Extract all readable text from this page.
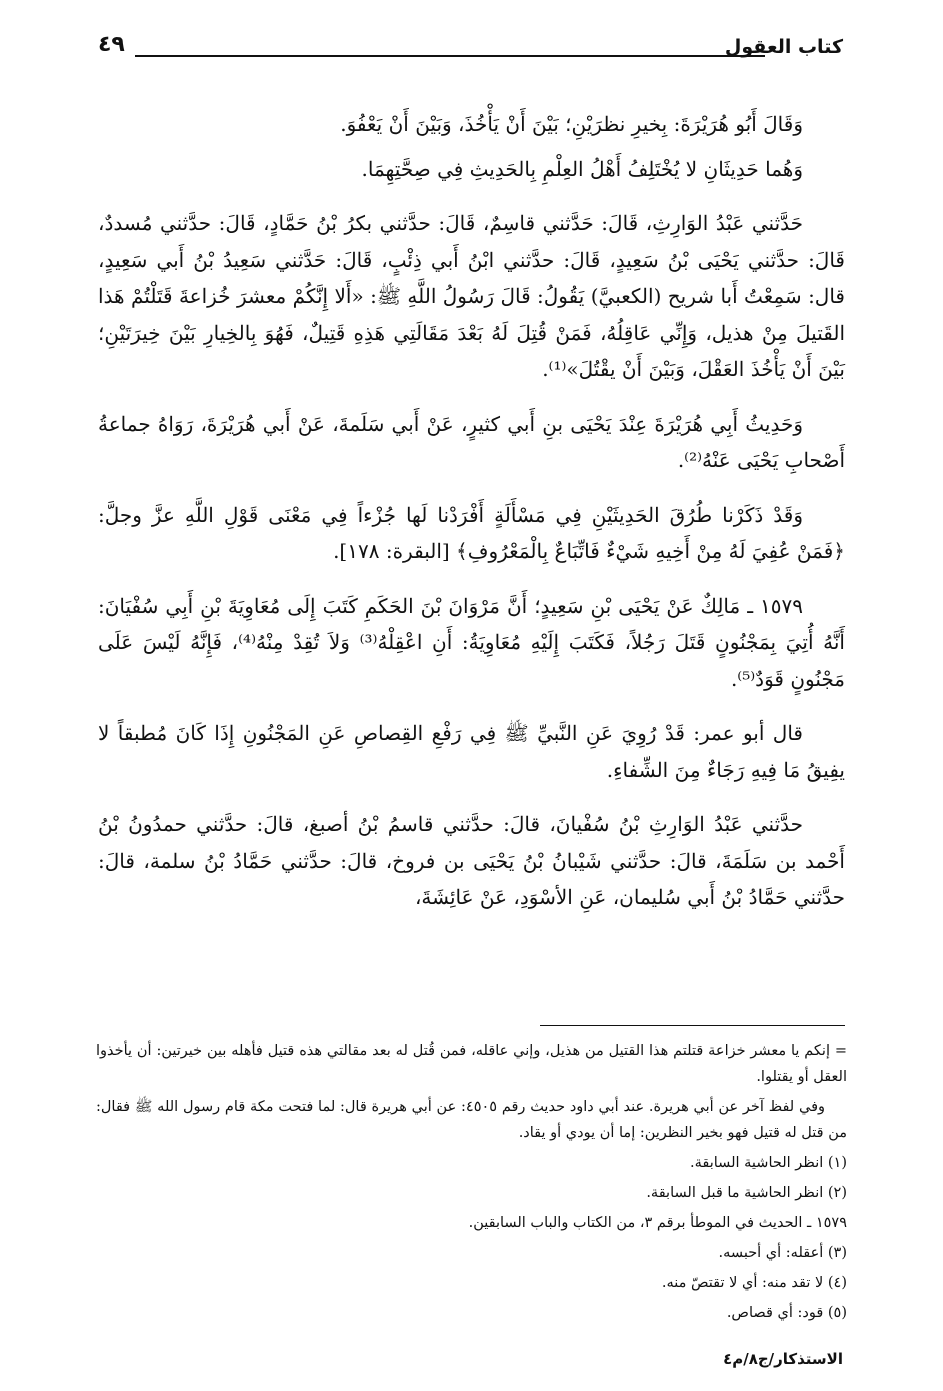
كتاب العقول
٤٩

وَقَالَ أَبُو هُرَيْرَةَ: بِخيرِ نظرَيْنِ؛ بَيْنَ أَنْ يَأْخُذَ، وَبَيْنَ أَنْ يَعْفُوَ.

وَهُما حَدِيثَانِ لا يُخْتَلِفُ أَهْلُ العِلْمِ بِالحَدِيثِ فِي صِحَّتِهِمَا.

حَدَّثني عَبْدُ الوَارِثِ، قَالَ: حَدَّثني قاسِمٌ، قَالَ: حدَّثني بكرُ بْنُ حَمَّادٍ، قَالَ: حدَّثني مُسددٌ، قَالَ: حدَّثني يَحْيَى بْنُ سَعِيدٍ، قَالَ: حدَّثني ابْنُ أَبي ذِئْبٍ، قَالَ: حَدَّثني سَعِيدُ بْنُ أَبي سَعِيدٍ، قال: سَمِعْتُ أَبا شريح (الكعبيَّ) يَقُولُ: قَالَ رَسُولُ اللَّهِ ﷺ: «أَلا إِنَّكُمْ معشرَ خُزاعةَ قَتَلْتُمْ هَذا القَتيلَ مِنْ هذيل، وَإِنِّي عَاقِلُهُ، فَمَنْ قُتِلَ لَهُ بَعْدَ مَقَالَتِي هَذِهِ قَتِيلٌ، فَهُوَ بِالخِيارِ بَيْنَ خِيرَتَيْنِ؛ بَيْنَ أَنْ يَأْخُذَ العَقْلَ، وَبَيْنَ أَنْ يقْتُلَ»⁽¹⁾.

وَحَدِيثُ أَبِي هُرَيْرَةَ عِنْدَ يَحْيَى بنِ أَبي كثيرٍ، عَنْ أَبي سَلَمةَ، عَنْ أَبي هُرَيْرَةَ، رَوَاهُ جماعةُ أَصْحابِ يَحْيَى عَنْهُ⁽²⁾.

وَقَدْ ذَكَرْنا طُرُقَ الحَدِيثَيْنِ فِي مَسْأَلَةٍ أَفْرَدْنا لَها جُزْءاً فِي مَعْنَى قَوْلِ اللَّهِ عزَّ وجلَّ: ﴿فَمَنْ عُفِيَ لَهُ مِنْ أَخِيهِ شَيْءٌ فَاتِّبَاعٌ بِالْمَعْرُوفِ﴾ [البقرة: ١٧٨].

١٥٧٩ ـ مَالِكٌ عَنْ يَحْيَى بْنِ سَعِيدٍ؛ أَنَّ مَرْوَانَ بْنَ الحَكَمِ كَتَبَ إِلَى مُعَاوِيَةَ بْنِ أَبِي سُفْيَانَ: أَنَّهُ أُتِيَ بِمَجْنُونٍ قَتَلَ رَجُلاً، فَكَتَبَ إِلَيْهِ مُعَاوِيَةُ: أَنِ اعْقِلْهُ⁽³⁾ وَلاَ تُقِدْ مِنْهُ⁽⁴⁾، فَإِنَّهُ لَيْسَ عَلَى مَجْنُونٍ قَوَدٌ⁽⁵⁾.

قال أبو عمر: قَدْ رُوِيَ عَنِ النَّبيِّ ﷺ فِي رَفْعِ القِصاصِ عَنِ المَجْنُونِ إِذَا كَانَ مُطبقاً لا يفِيقُ مَا فِيهِ رَجَاءٌ مِنَ الشِّفاءِ.

حدَّثني عَبْدُ الوَارِثِ بْنُ سُفْيانَ، قالَ: حدَّثني قاسمُ بْنُ أصبغ، قالَ: حدَّثني حمدُونُ بْنُ أَحْمد بن سَلَمَةَ، قالَ: حدَّثني شَيْبانُ بْنُ يَحْيَى بن فروخ، قالَ: حدَّثني حَمَّادُ بْنُ سلمة، قالَ: حدَّثني حَمَّادُ بْنُ أَبي سُليمان، عَنِ الأسْوَدِ، عَنْ عَائِشَةَ،

= إنكم يا معشر خزاعة قتلتم هذا القتيل من هذيل، وإني عاقله، فمن قُتل له بعد مقالتي هذه قتيل فأهله بين خيرتين: أن يأخذوا العقل أو يقتلوا.

وفي لفظ آخر عن أبي هريرة. عند أبي داود حديث رقم ٤٥٠٥: عن أبي هريرة قال: لما فتحت مكة قام رسول الله ﷺ فقال: من قتل له قتيل فهو بخير النظرين: إما أن يودي أو يقاد.

(١) انظر الحاشية السابقة.

(٢) انظر الحاشية ما قبل السابقة.

١٥٧٩ ـ الحديث في الموطأ برقم ٣، من الكتاب والباب السابقين.

(٣) أعقله: أي أحبسه.

(٤) لا تقد منه: أي لا تقتصّ منه.

(٥) قود: أي قصاص.

الاستذكار/ج٨/م٤
